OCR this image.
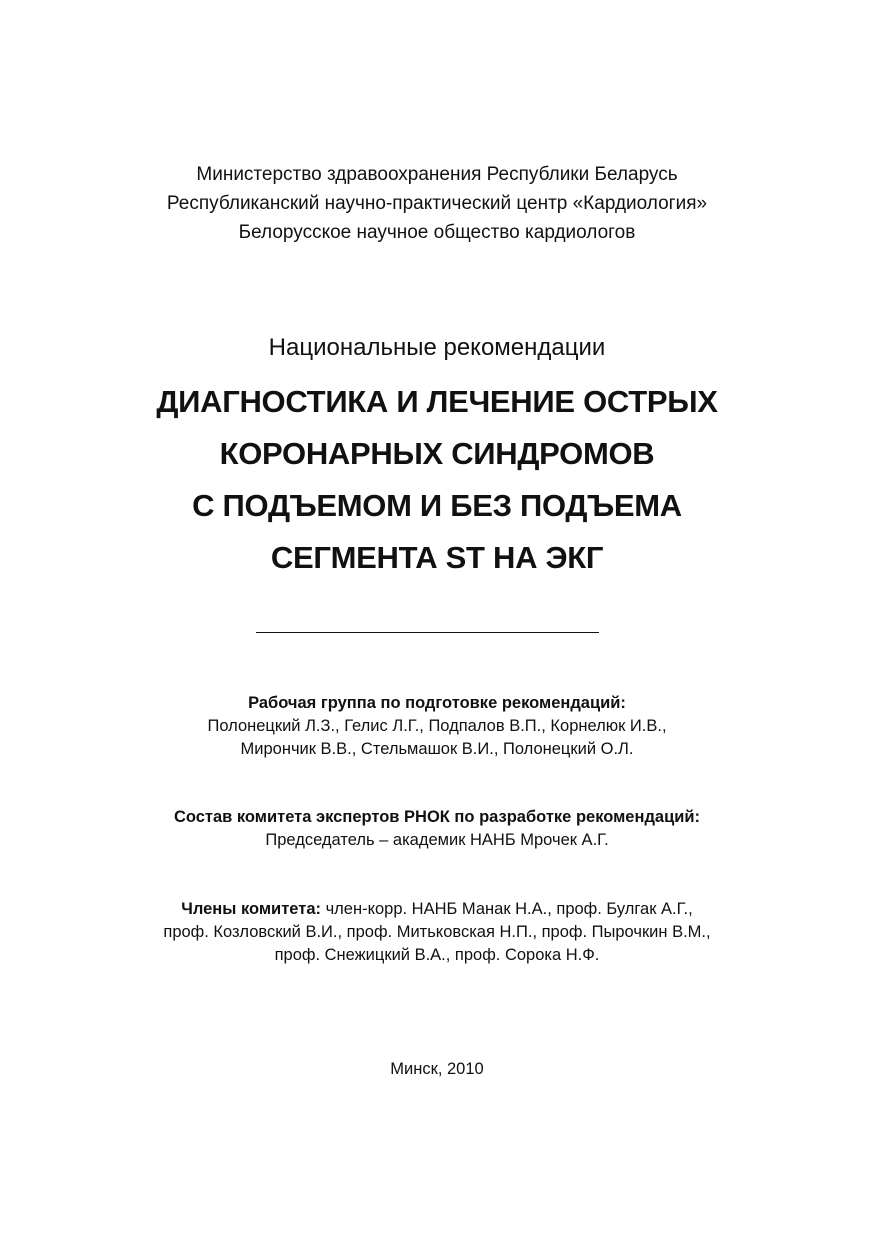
Министерство здравоохранения Республики Беларусь
Республиканский научно-практический центр «Кардиология»
Белорусское научное общество кардиологов
Национальные рекомендации
ДИАГНОСТИКА И ЛЕЧЕНИЕ ОСТРЫХ
КОРОНАРНЫХ СИНДРОМОВ
С ПОДЪЕМОМ И БЕЗ ПОДЪЕМА
СЕГМЕНТА ST НА ЭКГ
Рабочая группа по подготовке рекомендаций:
Полонецкий Л.З., Гелис Л.Г., Подпалов В.П., Корнелюк И.В.,
Мирончик В.В., Стельмашок В.И., Полонецкий О.Л.
Состав комитета экспертов РНОК по разработке рекомендаций:
Председатель – академик НАНБ Мрочек А.Г.
Члены комитета: член-корр. НАНБ Манак Н.А., проф. Булгак А.Г.,
проф. Козловский В.И., проф. Митьковская Н.П., проф. Пырочкин В.М.,
проф. Снежицкий В.А., проф. Сорока Н.Ф.
Минск, 2010
